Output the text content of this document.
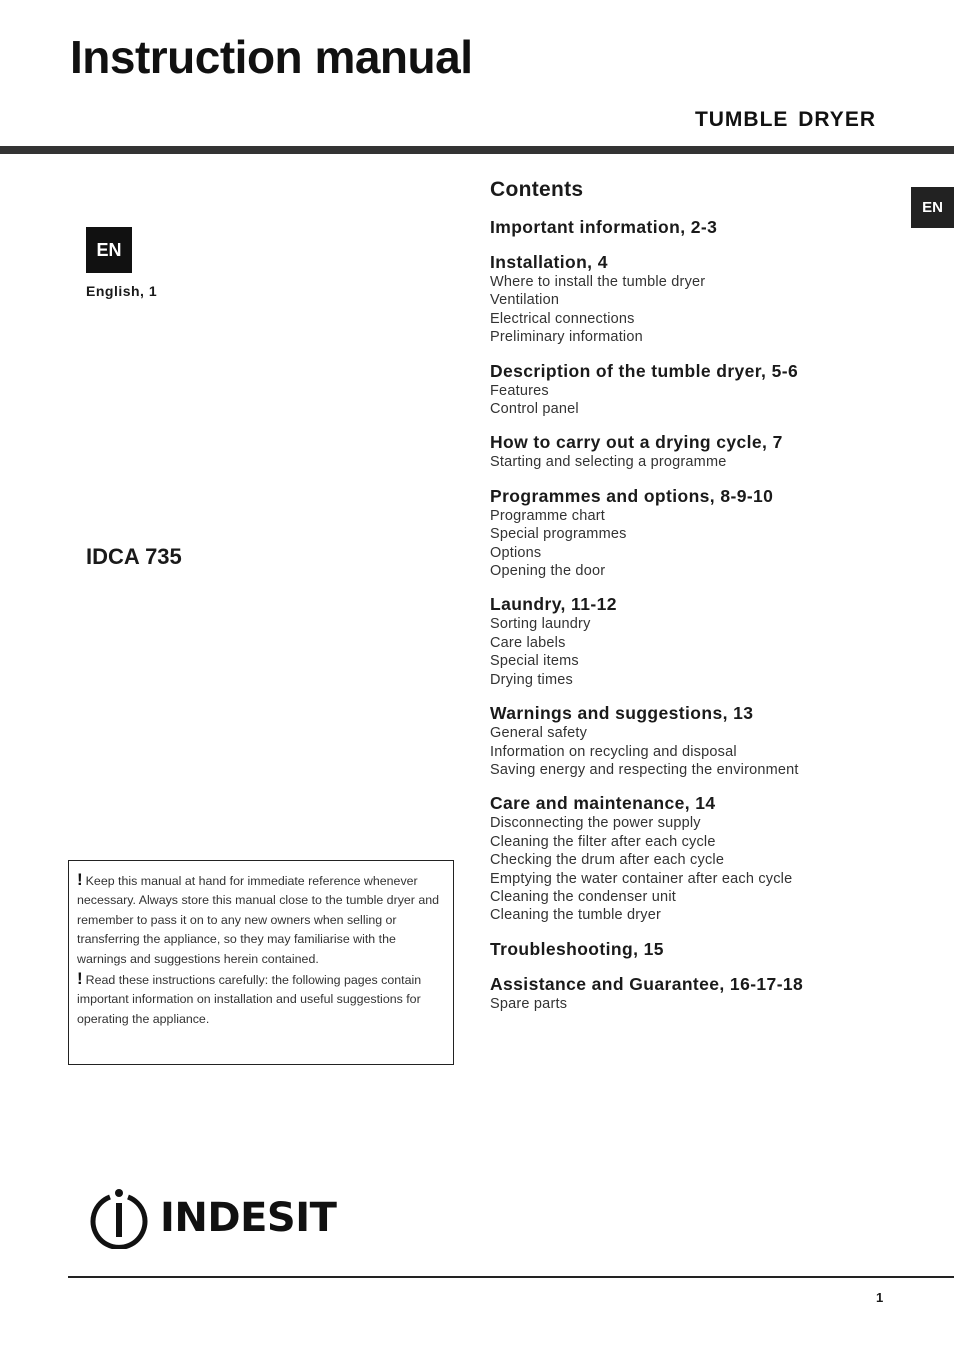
Instruction manual
TUMBLE DRYER
EN
English, 1
EN
IDCA 735

! Keep this manual at hand for immediate reference whenever necessary. Always store this manual close to the tumble dryer and remember to pass it on to any new owners when selling or transferring the appliance, so they may familiarise with the warnings and suggestions herein contained.

! Read these instructions carefully: the following pages contain important information on installation and useful suggestions for operating the appliance.

Contents
Important information, 2-3
Installation, 4
Where to install the tumble dryer
Ventilation
Electrical connections
Preliminary information
Description of the tumble dryer, 5-6
Features
Control panel
How to carry out a drying cycle, 7
Starting and selecting a programme
Programmes and options, 8-9-10
Programme chart
Special programmes
Options
Opening the door
Laundry, 11-12
Sorting laundry
Care labels
Special items
Drying times
Warnings and suggestions, 13
General safety
Information on recycling and disposal
Saving energy and respecting the environment
Care and maintenance, 14
Disconnecting the power supply
Cleaning the filter after each cycle
Checking the drum after each cycle
Emptying the water container after each cycle
Cleaning the condenser unit
Cleaning the tumble dryer
Troubleshooting, 15
Assistance and Guarantee, 16-17-18
Spare parts
INDESIT
1
